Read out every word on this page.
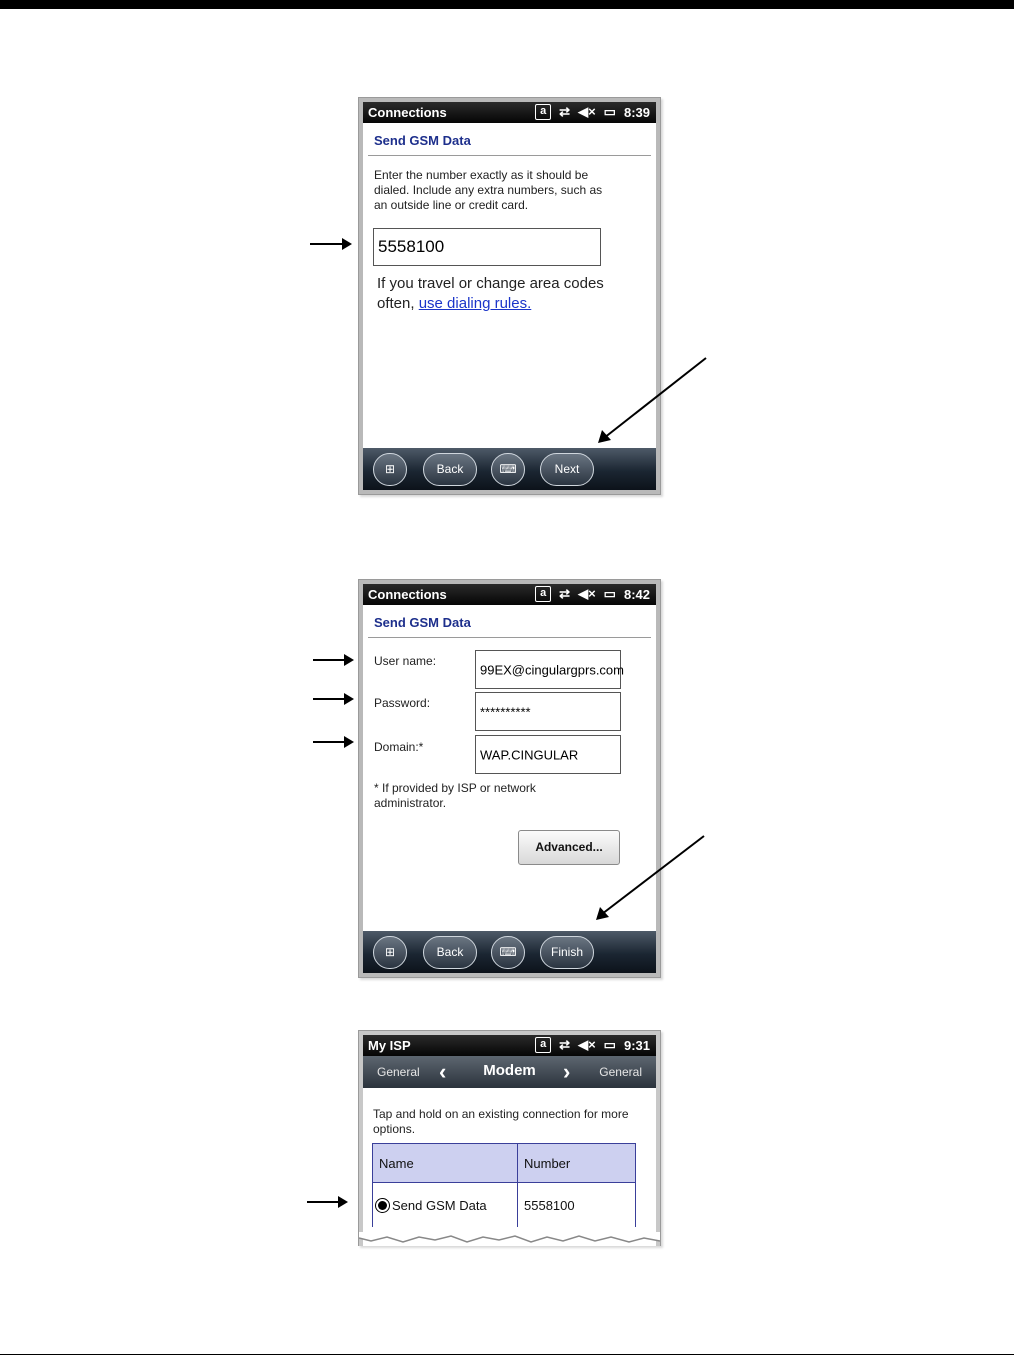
Connections	a ⇄ ◀× ▭ 8:39
Send GSM Data
Enter the number exactly as it should be dialed. Include any extra numbers, such as an outside line or credit card.
5558100
If you travel or change area codes often, use dialing rules.
⊞	Back	⌨	Next
Connections	a ⇄ ◀× ▭ 8:42
Send GSM Data
User name:
99EX@cingulargprs.com
Password:
**********
Domain:*	WAP.CINGULAR
* If provided by ISP or network administrator.
Advanced...
⊞	Back	⌨	Finish
My ISP	a ⇄ ◀× ▭ 9:31
General ‹	Modem	› General
Tap and hold on an existing connection for more options.
Name	Number
Send GSM Data	5558100
